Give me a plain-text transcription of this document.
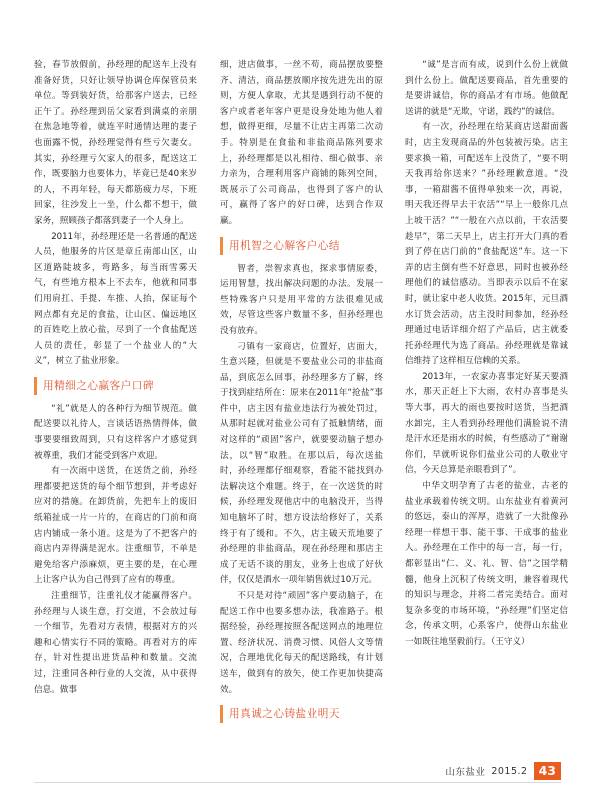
验，春节放假前，孙经理的配送车上没有准备好货，只好让领导协调仓库保管员来单位。等到装好货，给那客户送去，已经正午了。孙经理到岳父家看到满桌的亲朋在焦急地等着，就连平时通情达理的妻子也面露不悦，孙经理觉得有些亏欠妻女。其实，孙经理亏欠家人的很多，配送这工作，既要脑力也要体力，毕竟已是40来岁的人，不再年轻，每天都筋疲力尽，下班回家，往沙发上一坐，什么都不想干，做家务，照顾孩子都落到妻子一个人身上。

2011年，孙经理还是一名普通的配送人员，他服务的片区是章丘南部山区，山区道路陡坡多，弯路多，每当雨雪雾天气，有些地方根本上不去车，他就和同事们用肩扛、手提、车推、人抬，保证每个网点都有充足的食盐，让山区、偏远地区的百姓吃上放心盐，尽到了一个食盐配送人员的责任，彰显了一个盐业人的“大义”，树立了盐业形象。

用精细之心赢客户口碑

“礼”就是人的各种行为细节规范。做配送要以礼待人，言谈话语热情得体，做事要要细致周到，只有这样客户才感觉到被尊重，我们才能受到客户欢迎。

有一次雨中送货，在送货之前，孙经理都要把送货的每个细节想到，并考虑好应对的措施。在卸货前，先把车上的废旧纸箱扯成一片一片的，在商店的门前和商店内铺成一条小道。这是为了不把客户的商店内弄得满是泥水。注重细节，不单是避免给客户添麻烦，更主要的是，在心理上让客户认为自己得到了应有的尊重。

注重细节，注重礼仪才能赢得客户。孙经理与人谈生意，打交道，不会放过每一个细节，先看对方表情，根据对方的兴趣和心情实行不同的策略。再看对方的库存，针对性提出进货品种和数量。交流过，注重同各种行业的人交流，从中获得信息。做事

细，进店做事，一丝不苟，商品摆放要整齐、清洁，商品摆放顺序按先进先出的原则，方便人拿取，尤其是遇到行动不便的客户或者老年客户更是设身处地为他人着想，做得更细，尽量不让店主再第二次动手。特别是在食盐和非盐商品陈列要求上，孙经理都是以礼相待、细心做事、亲力亲为，合理利用客户商铺的陈列空间，既展示了公司商品，也得到了客户的认可，赢得了客户的好口碑，达到合作双赢。

用机智之心解客户心结

智者，崇智求真也，探求事情原委，运用智慧，找出解决问题的办法。发展一些特殊客户只是用平常的方法很难见成效，尽管这些客户数量不多，但孙经理也没有放弃。

刁镇有一家商店，位置好，店面大，生意兴隆，但就是不要盐业公司的非盐商品，到底怎么回事，孙经理多方了解，终于找到症结所在：原来在2011年“抢盐”事件中，店主因有盐业违法行为被处罚过，从那时起就对盐业公司有了抵触情绪，面对这样的“顽固”客户，就要要动脑子想办法，以“智”取胜。在那以后，每次送盐时，孙经理都仔细观察，看能不能找到办法解决这个难题。终于，在一次送货的时候，孙经理发现他店中的电脑没开，当得知电脑坏了时，想方设法给修好了，关系终于有了缓和。不久，店主破天荒地要了孙经理的非盐商品，现在孙经理和那店主成了无话不谈的朋友，业务上也成了好伙伴，仅仅是酒水一项年销售就过10万元。

不只是对待“顽固”客户要动脑子，在配送工作中也要多想办法，我准路子。根据经验，孙经理按照各配送网点的地理位置、经济状况、消费习惯、风俗人文等情况，合理地优化每天的配送路线，有计划送车，做到有的放矢，使工作更加快捷高效。

用真诚之心铸盐业明天

“诚”是言而有成，说到什么份上就做到什么份上。做配送要商品，首先重要的是要讲诚信，你的商品才有市场。他做配送讲的就是“无欺，守诺，践约”的诚信。

有一次，孙经理在给某商店送甜面酱时，店主发现商品的外包装被污染。店主要求换一箱，可配送车上没货了，“要不明天我再给你送来？”孙经理歉意道。“没事，一箱甜酱不值得单独来一次，再说，明天我还得早去干农活”“早上一般你几点上坡干活？”“一般在六点以前，干农活要趁早”，第二天早上，店主打开大门真的看到了停在店门前的“食盐配送”车。这一下弄的店主倒有些不好意思，同时也被孙经理他们的诚信感动。当即表示以后不在家时，就让家中老人收货。2015年，元旦酒水订货会活动，店主没时间参加，经孙经理通过电话详细介绍了产品后，店主就委托孙经理代为选了商品。孙经理就是靠诚信维持了这样相互信赖的关系。

2013年，一农家办喜事定好某天要酒水，那天正赶上下大雨，农村办喜事是头等大事，再大的雨也要按时送货，当把酒水卸完，主人看到孙经理他们满脸说不清是汗水还是雨水的时候，有些感动了“谢谢你们，早就听说你们盐业公司的人敬业守信，今天总算是亲眼看到了”。

中华文明孕育了古老的盐业，古老的盐业承载着传统文明。山东盐业有着黄河的悠远，泰山的浑厚，造就了一大批像孙经理一样想干事、能干事、干成事的盐业人。孙经理在工作中的每一言，每一行，都彰显出“仁、义、礼、智、信”之国学精髓，他身上沉积了传统文明，兼容着现代的知识与理念，并将二者完美结合。面对复杂多变的市场环境，“孙经理”们坚定信念，传承文明，心系客户，使得山东盐业一如既往地坚毅前行。（王守义）

山东盐业 2015.2 43
